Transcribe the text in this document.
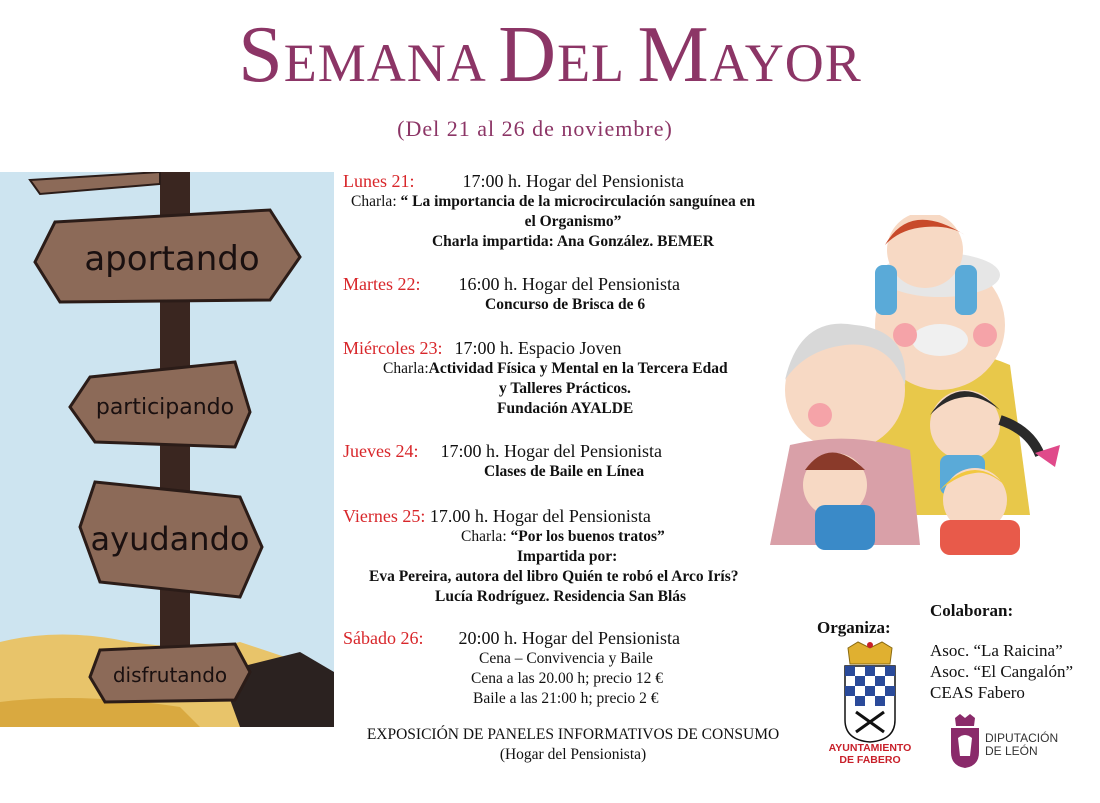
SEMANA DEL MAYOR
(Del 21 al 26 de noviembre)
aportando
participando
ayudando
disfrutando
Lunes 21:	17:00 h. Hogar del Pensionista
Charla: “ La importancia de la microcirculación sanguínea en
el Organismo”
Charla impartida: Ana González. BEMER
Martes 22: 16:00 h. Hogar del Pensionista
Concurso de Brisca de 6
Miércoles 23: 17:00 h. Espacio Joven
Charla:Actividad Física y Mental en la Tercera Edad
y Talleres Prácticos.
Fundación AYALDE
Jueves 24: 17:00 h. Hogar del Pensionista
Clases de Baile en Línea
Viernes 25: 17.00 h. Hogar del Pensionista
Charla: “Por los buenos tratos”
Impartida por:
Eva Pereira, autora del libro Quién te robó el Arco Irís?
Lucía Rodríguez. Residencia San Blás
Sábado 26: 20:00 h. Hogar del Pensionista
Cena – Convivencia y Baile
Cena a las 20.00 h; precio 12 €
Baile a las 21:00 h; precio 2 €
EXPOSICIÓN DE PANELES INFORMATIVOS DE CONSUMO
(Hogar del Pensionista)
Organiza:
AYUNTAMIENTO
DE FABERO
Colaboran:
Asoc. “La Raicina”
Asoc. “El Cangalón”
CEAS Fabero
DIPUTACIÓN
DE LEÓN
